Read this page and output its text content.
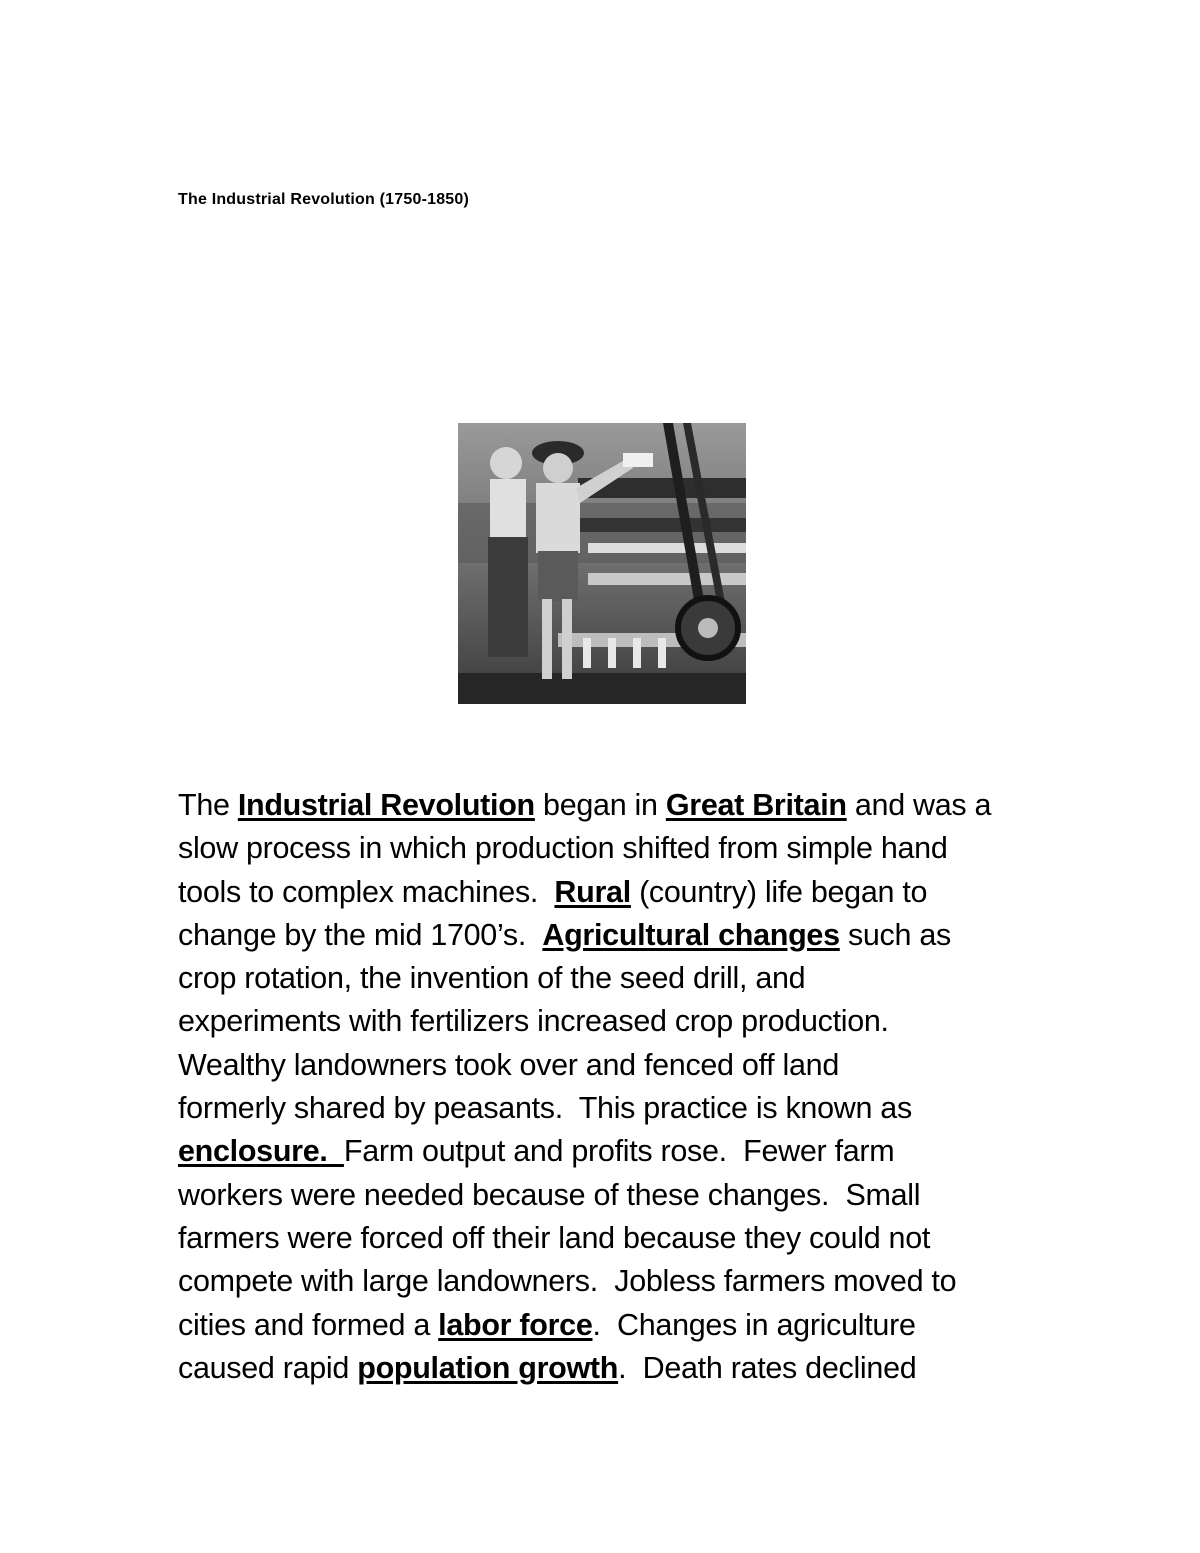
The Industrial Revolution (1750-1850)

The Industrial Revolution began in Great Britain and was a
slow process in which production shifted from simple hand
tools to complex machines.  Rural (country) life began to
change by the mid 1700’s.  Agricultural changes such as
crop rotation, the invention of the seed drill, and
experiments with fertilizers increased crop production.
Wealthy landowners took over and fenced off land
formerly shared by peasants.  This practice is known as
enclosure.  Farm output and profits rose.  Fewer farm
workers were needed because of these changes.  Small
farmers were forced off their land because they could not
compete with large landowners.  Jobless farmers moved to
cities and formed a labor force.  Changes in agriculture
caused rapid population growth.  Death rates declined
